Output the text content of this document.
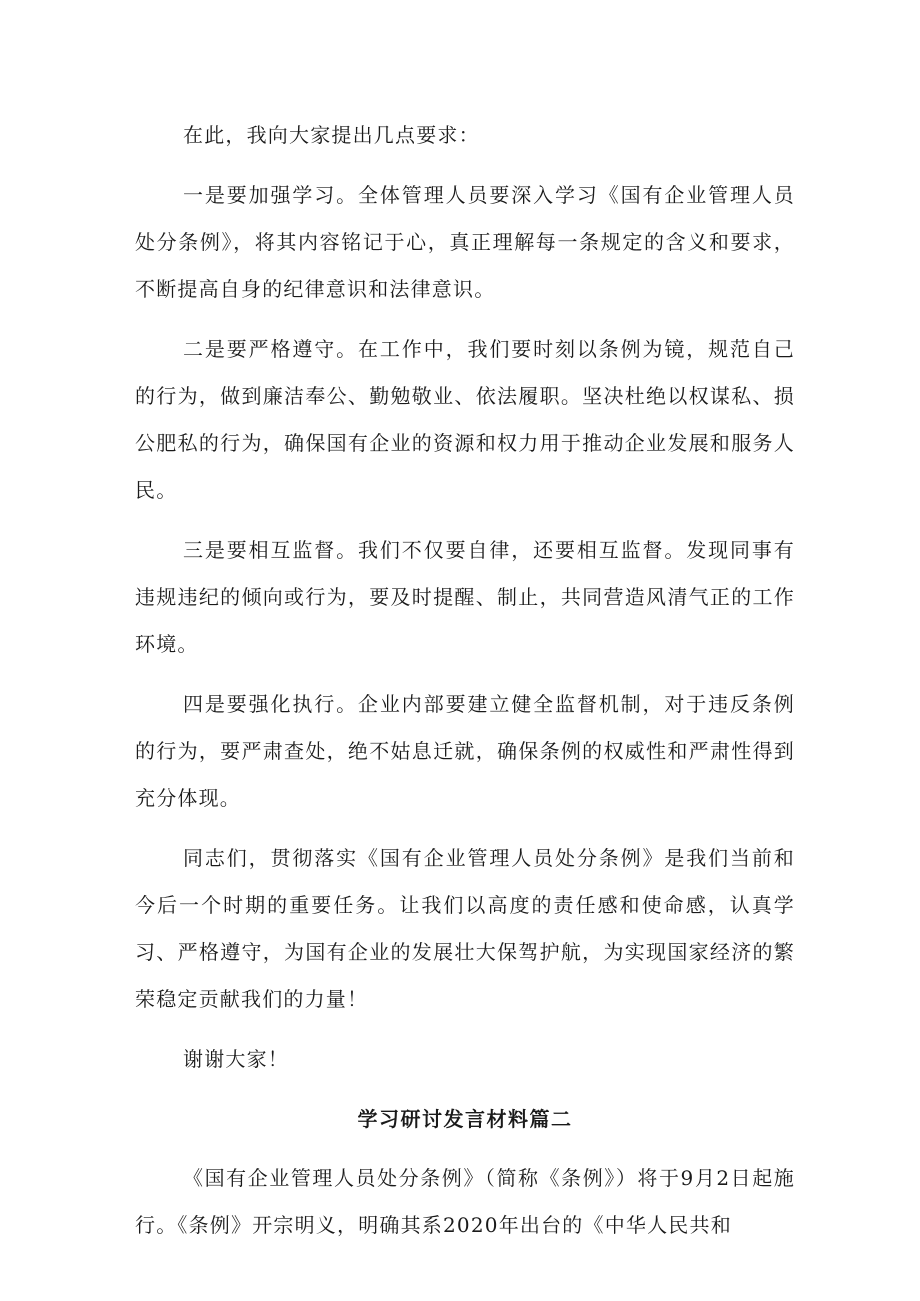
在此，我向大家提出几点要求：

一是要加强学习。全体管理人员要深入学习《国有企业管理人员处分条例》，将其内容铭记于心，真正理解每一条规定的含义和要求，不断提高自身的纪律意识和法律意识。

二是要严格遵守。在工作中，我们要时刻以条例为镜，规范自己的行为，做到廉洁奉公、勤勉敬业、依法履职。坚决杜绝以权谋私、损公肥私的行为，确保国有企业的资源和权力用于推动企业发展和服务人民。

三是要相互监督。我们不仅要自律，还要相互监督。发现同事有违规违纪的倾向或行为，要及时提醒、制止，共同营造风清气正的工作环境。

四是要强化执行。企业内部要建立健全监督机制，对于违反条例的行为，要严肃查处，绝不姑息迁就，确保条例的权威性和严肃性得到充分体现。

同志们，贯彻落实《国有企业管理人员处分条例》是我们当前和今后一个时期的重要任务。让我们以高度的责任感和使命感，认真学习、严格遵守，为国有企业的发展壮大保驾护航，为实现国家经济的繁荣稳定贡献我们的力量！

谢谢大家！

学习研讨发言材料篇二

《国有企业管理人员处分条例》（简称《条例》）将于9月2日起施行。《条例》开宗明义，明确其系2020年出台的《中华人民共和
